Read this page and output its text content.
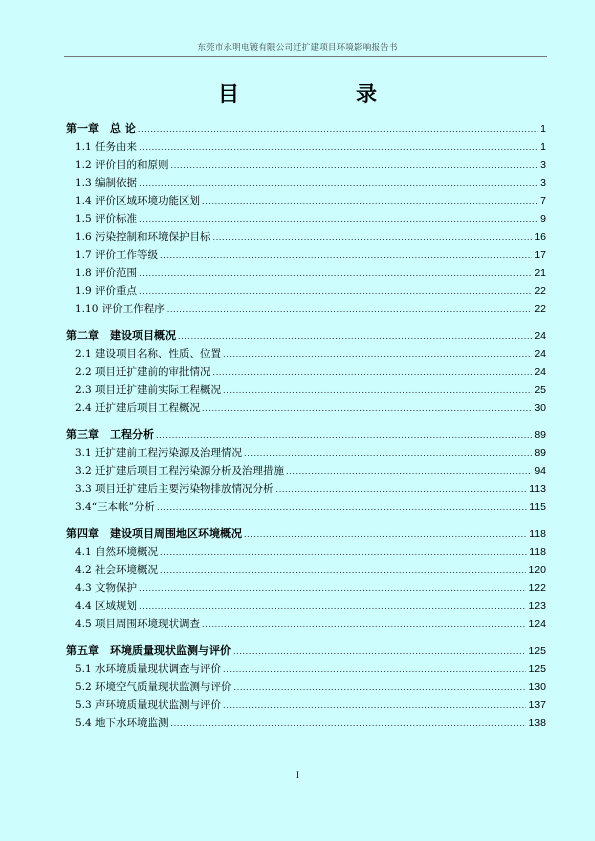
东莞市永明电镀有限公司迁扩建项目环境影响报告书
目　录
第一章　总 论 .....	1
1.1 任务由来 .....	1
1.2 评价目的和原则 .....	3
1.3 编制依据 .....	3
1.4 评价区域环境功能区划 .....	7
1.5 评价标准 .....	9
1.6 污染控制和环境保护目标 .....	16
1.7 评价工作等级 .....	17
1.8 评价范围 .....	21
1.9 评价重点 .....	22
1.10 评价工作程序 .....	22
第二章　建设项目概况 .....	24
2.1 建设项目名称、性质、位置 .....	24
2.2 项目迁扩建前的审批情况 .....	24
2.3 项目迁扩建前实际工程概况 .....	25
2.4 迁扩建后项目工程概况 .....	30
第三章　工程分析 .....	89
3.1 迁扩建前工程污染源及治理情况 .....	89
3.2 迁扩建后项目工程污染源分析及治理措施 .....	94
3.3 项目迁扩建后主要污染物排放情况分析 .....	113
3.4“三本帐”分析 .....	115
第四章　建设项目周围地区环境概况 .....	118
4.1 自然环境概况 .....	118
4.2 社会环境概况 .....	120
4.3 文物保护 .....	122
4.4 区域规划 .....	123
4.5 项目周围环境现状调查 .....	124
第五章　环境质量现状监测与评价 .....	125
5.1 水环境质量现状调查与评价 .....	125
5.2 环境空气质量现状监测与评价 .....	130
5.3 声环境质量现状监测与评价 .....	137
5.4 地下水环境监测 .....	138
I
